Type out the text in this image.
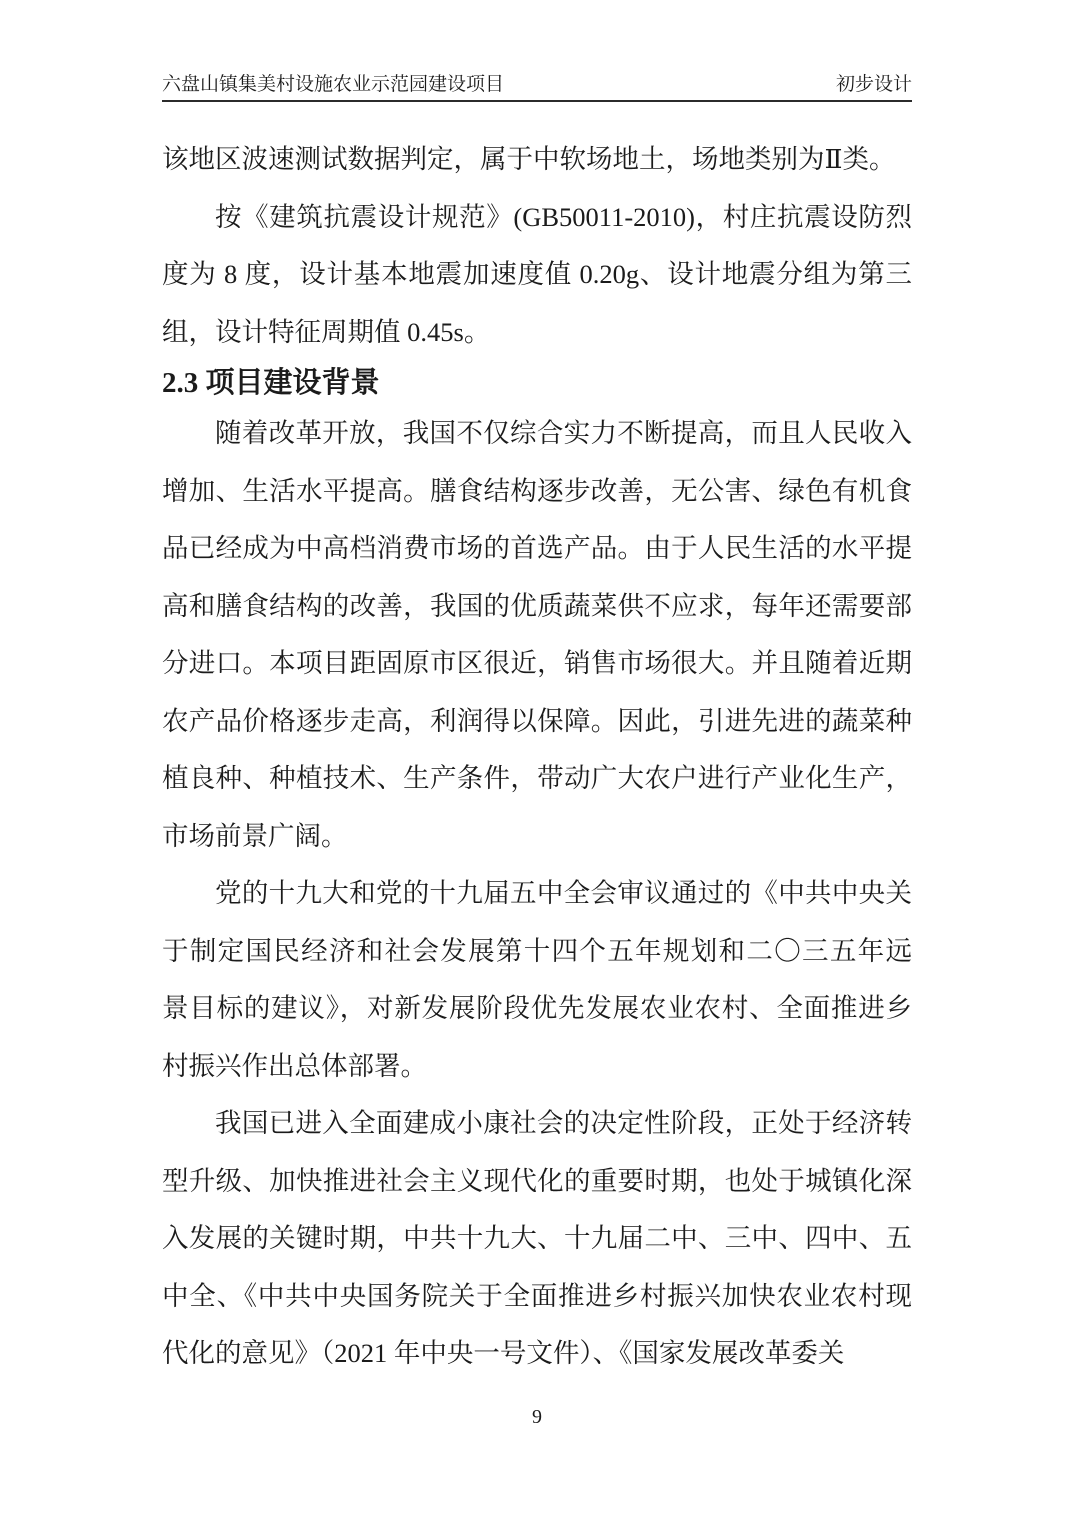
六盘山镇集美村设施农业示范园建设项目	初步设计

该地区波速测试数据判定，属于中软场地土，场地类别为Ⅱ类。

按《建筑抗震设计规范》(GB50011-2010)，村庄抗震设防烈

度为 8 度，设计基本地震加速度值 0.20g、设计地震分组为第三

组，设计特征周期值 0.45s。

2.3 项目建设背景

随着改革开放，我国不仅综合实力不断提高，而且人民收入

增加、生活水平提高。膳食结构逐步改善，无公害、绿色有机食

品已经成为中高档消费市场的首选产品。由于人民生活的水平提

高和膳食结构的改善，我国的优质蔬菜供不应求，每年还需要部

分进口。本项目距固原市区很近，销售市场很大。并且随着近期

农产品价格逐步走高，利润得以保障。因此，引进先进的蔬菜种

植良种、种植技术、生产条件，带动广大农户进行产业化生产，

市场前景广阔。

党的十九大和党的十九届五中全会审议通过的《中共中央关

于制定国民经济和社会发展第十四个五年规划和二〇三五年远

景目标的建议》，对新发展阶段优先发展农业农村、全面推进乡

村振兴作出总体部署。

我国已进入全面建成小康社会的决定性阶段，正处于经济转

型升级、加快推进社会主义现代化的重要时期，也处于城镇化深

入发展的关键时期，中共十九大、十九届二中、三中、四中、五

中全、《中共中央国务院关于全面推进乡村振兴加快农业农村现

代化的意见》（2021 年中央一号文件）、《国家发展改革委关

9
